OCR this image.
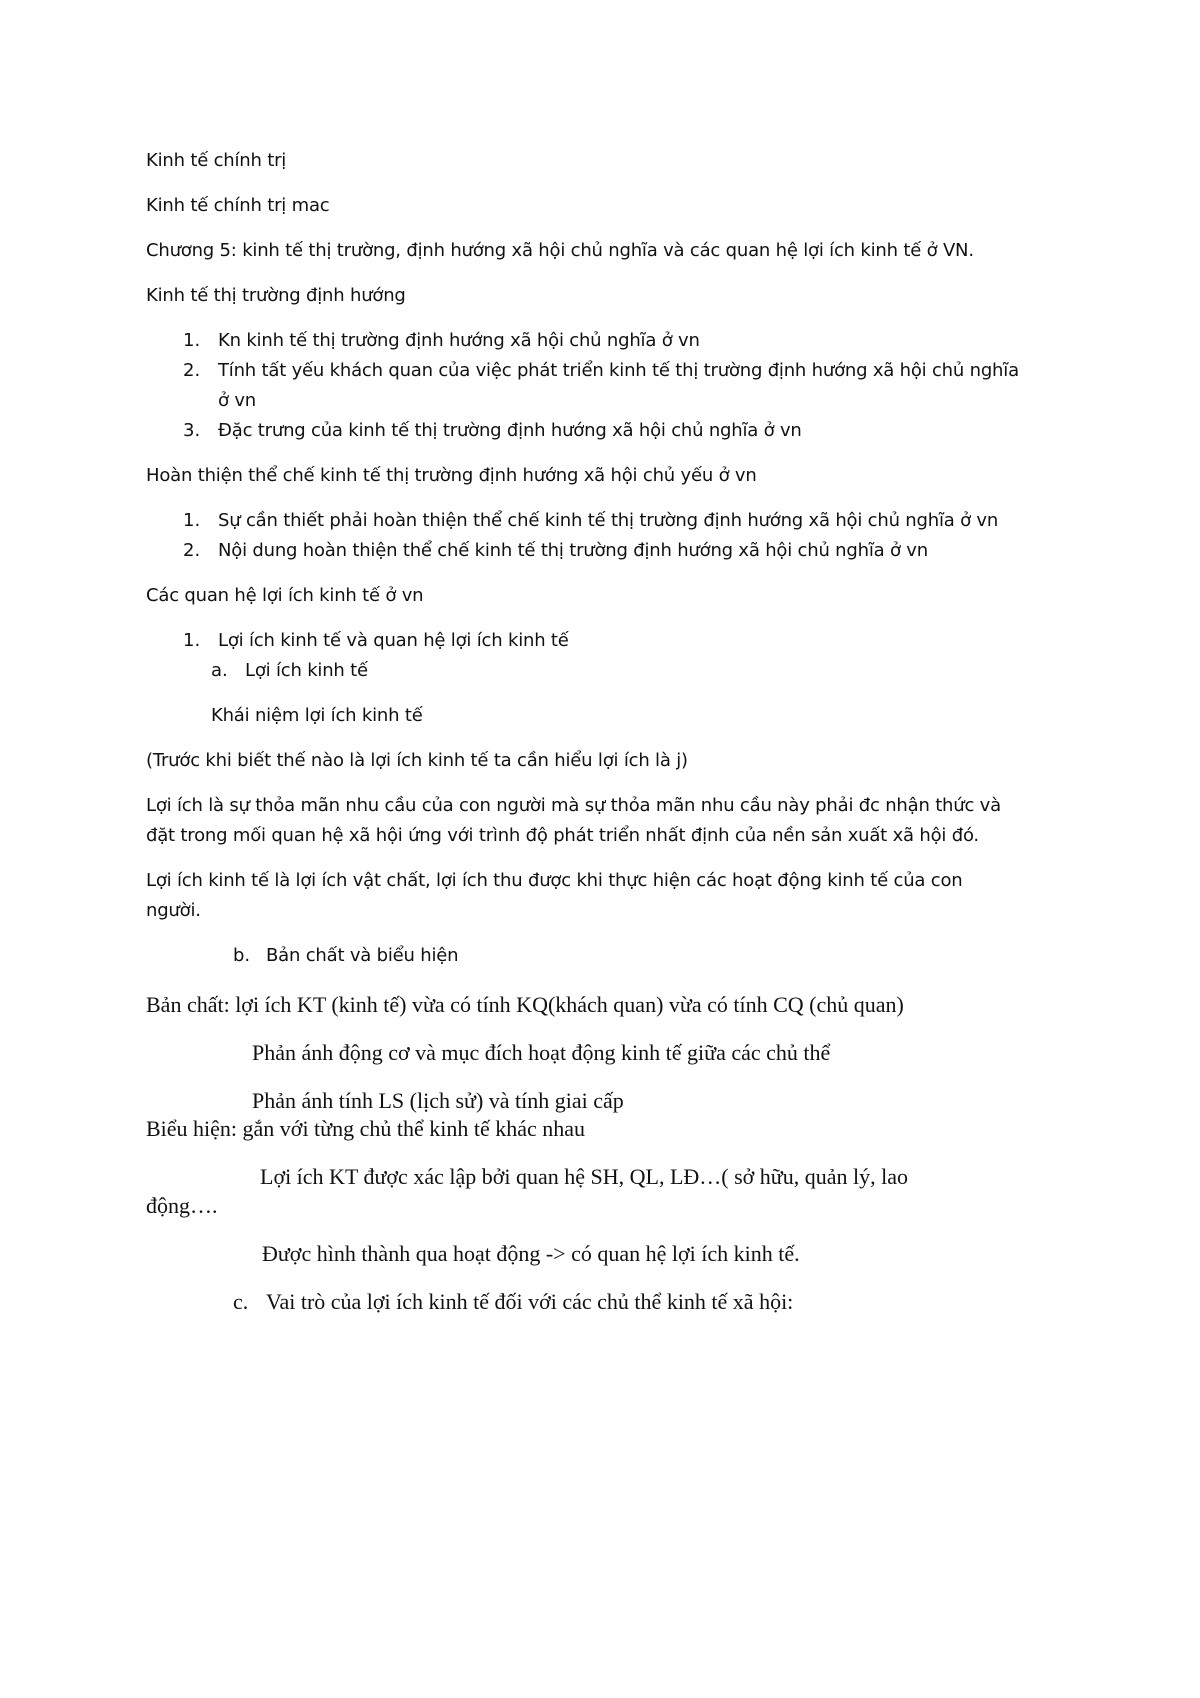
Kinh tế chính trị
Kinh tế chính trị mac
Chương 5: kinh tế thị trường, định hướng xã hội chủ nghĩa và các quan hệ lợi ích kinh tế ở VN.
Kinh tế thị trường định hướng
1. Kn kinh tế thị trường định hướng xã hội chủ nghĩa ở vn
2. Tính tất yếu khách quan của việc phát triển kinh tế thị trường định hướng xã hội chủ nghĩa
ở vn
3. Đặc trưng của kinh tế thị trường định hướng xã hội chủ nghĩa ở vn
Hoàn thiện thể chế kinh tế thị trường định hướng xã hội chủ yếu ở vn
1. Sự cần thiết phải hoàn thiện thể chế kinh tế thị trường định hướng xã hội chủ nghĩa ở vn
2. Nội dung hoàn thiện thể chế kinh tế thị trường định hướng xã hội chủ nghĩa ở vn
Các quan hệ lợi ích kinh tế ở vn
1. Lợi ích kinh tế và quan hệ lợi ích kinh tế
a. Lợi ích kinh tế
Khái niệm lợi ích kinh tế
(Trước khi biết thế nào là lợi ích kinh tế ta cần hiểu lợi ích là j)
Lợi ích là sự thỏa mãn nhu cầu của con người mà sự thỏa mãn nhu cầu này phải đc nhận thức và
đặt trong mối quan hệ xã hội ứng với trình độ phát triển nhất định của nền sản xuất xã hội đó.
Lợi ích kinh tế là lợi ích vật chất, lợi ích thu được khi thực hiện các hoạt động kinh tế của con
người.
b. Bản chất và biểu hiện
Bản chất: lợi ích KT (kinh tế) vừa có tính KQ(khách quan) vừa có tính CQ (chủ quan)
Phản ánh động cơ và mục đích hoạt động kinh tế giữa các chủ thể
Phản ánh tính LS (lịch sử) và tính giai cấp
Biểu hiện: gắn với từng chủ thể kinh tế khác nhau
Lợi ích KT được xác lập bởi quan hệ SH, QL, LĐ…( sở hữu, quản lý, lao
động….
Được hình thành qua hoạt động -> có quan hệ lợi ích kinh tế.
c. Vai trò của lợi ích kinh tế đối với các chủ thể kinh tế xã hội:
